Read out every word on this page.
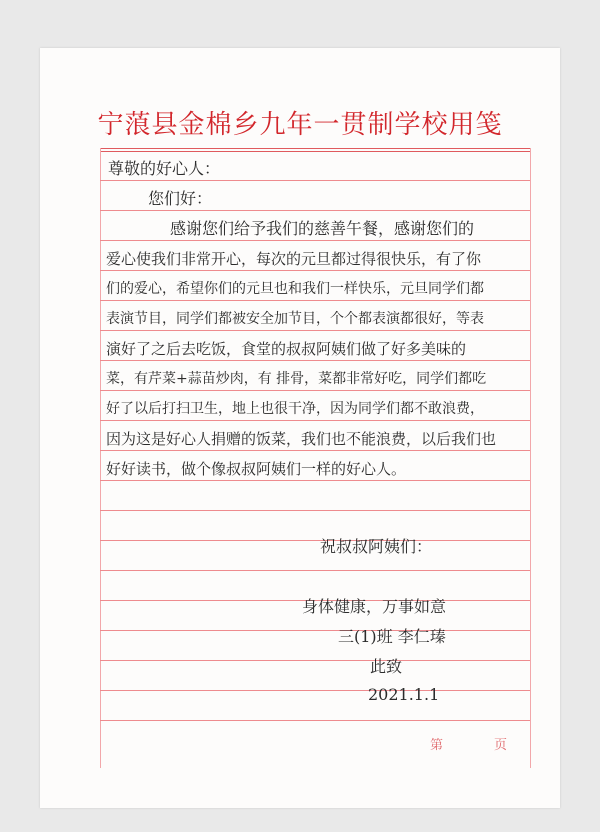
宁蒗县金棉乡九年一贯制学校用笺
尊敬的好心人：
您们好：
感谢您们给予我们的慈善午餐，感谢您们的
爱心使我们非常开心，每次的元旦都过得很快乐，有了你
们的爱心，希望你们的元旦也和我们一样快乐，元旦同学们都
表演节目，同学们都被安全加节目，个个都表演都很好，等表
演好了之后去吃饭，食堂的叔叔阿姨们做了好多美味的
菜，有芹菜+蒜苗炒肉，有 排骨，菜都非常好吃，同学们都吃
好了以后打扫卫生，地上也很干净，因为同学们都不敢浪费，
因为这是好心人捐赠的饭菜，我们也不能浪费，以后我们也
好好读书，做个像叔叔阿姨们一样的好心人。
祝叔叔阿姨们：
身体健康，万事如意
三(1)班 李仁瑧
此致
2021.1.1
第	页
